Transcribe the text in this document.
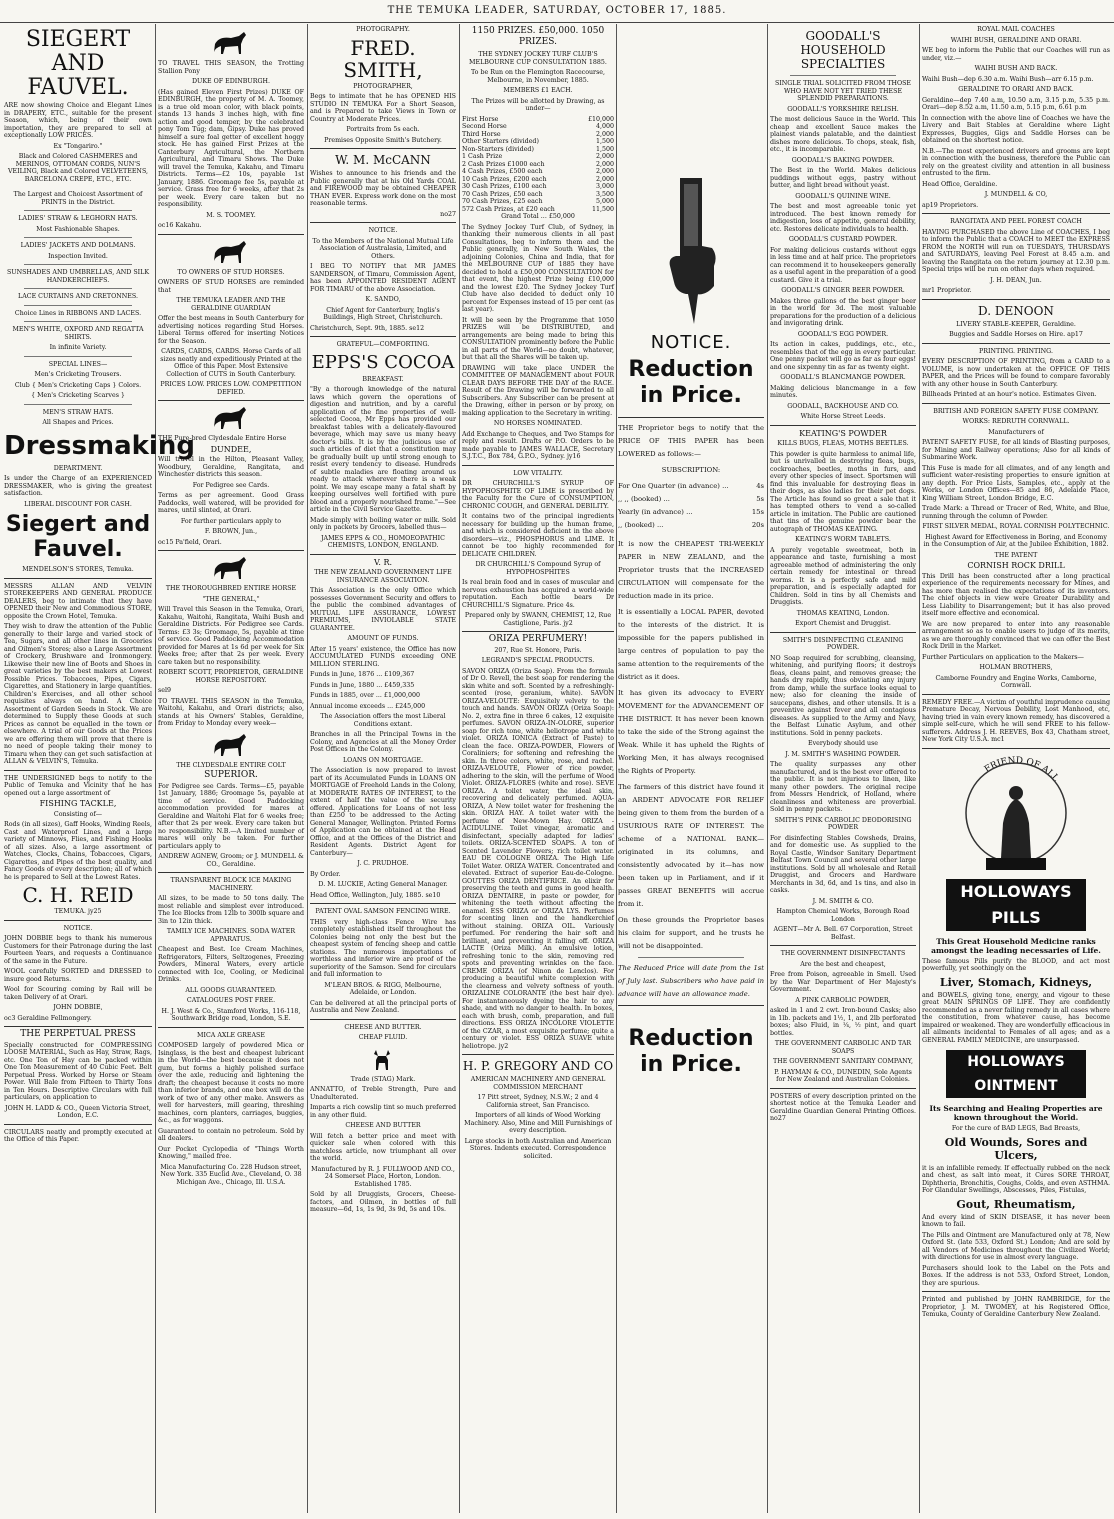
THE TEMUKA LEADER, SATURDAY, OCTOBER 17, 1885.
SIEGERT AND FAUVEL.

ARE now showing Choice and Elegant Lines in DRAPERY, ETC., suitable for the present Season, which, being of their own importation, they are prepared to sell at exceptionally LOW PRICES.

Ex "Tongariro."

Black and Colored CASHMERES and MERINOS, OTTOMAN CORDS, NUN'S VEILING, Black and Colored VELVETEENS, BARCELONA CREPE, ETC., ETC.

The Largest and Choicest Assortment of PRINTS in the District.

LADIES' STRAW & LEGHORN HATS.

Most Fashionable Shapes.

LADIES' JACKETS AND DOLMANS.

Inspection Invited.

SUNSHADES AND UMBRELLAS, AND SILK HANDKERCHIEFS.

LACE CURTAINS AND CRETONNES.

Choice Lines in RIBBONS AND LACES.

MEN'S WHITE, OXFORD AND REGATTA SHIRTS.

In infinite Variety.

SPECIAL LINES—

Men's Cricketing Trousers.

Club { Men's Cricketing Caps } Colors.

{ Men's Cricketing Scarves }

MEN'S STRAW HATS.

All Shapes and Prices.

Dressmaking

DEPARTMENT.

Is under the Charge of an EXPERIENCED DRESSMAKER, who is giving the greatest satisfaction.

LIBERAL DISCOUNT FOR CASH.

Siegert and Fauvel.

MENDELSON'S STORES, Temuka.

MESSRS ALLAN AND VELVIN STOREKEEPERS AND GENERAL PRODUCE DEALERS, beg to intimate that they have OPENED their New and Commodious STORE, opposite the Crown Hotel, Temuka.

They wish to draw the attention of the Public generally to their large and varied stock of Tea, Sugars, and all other lines in Groceries and Oilmen's Stores; also a Large Assortment of Crockery, Brushware and Ironmongery. Likewise their new line of Boots and Shoes in great varieties by the best makers at Lowest Possible Prices. Tobaccoes, Pipes, Cigars, Cigarettes, and Stationery in large quantities. Children's Exercises, and all other school requisites always on hand. A Choice Assortment of Garden Seeds in Stock. We are determined to Supply these Goods at such Prices as cannot be equalled in the town or elsewhere. A trial of our Goods at the Prices we are offering them will prove that there is no need of people taking their money to Timaru when they can get such satisfaction at ALLAN & VELVIN'S, Temuka.

THE UNDERSIGNED begs to notify to the Public of Temuka and Vicinity that he has opened out a large assortment of

FISHING TACKLE,

Consisting of—

Rods (in all sizes), Gaff Hooks, Winding Reels, Cast and Waterproof Lines, and a large variety of Minnows, Flies, and Fishing Hooks of all sizes. Also, a large assortment of Watches, Clocks, Chains, Tobaccoes, Cigars, Cigarettes, and Pipes of the best quality, and Fancy Goods of every description; all of which he is prepared to Sell at the Lowest Rates.

C. H. REID

TEMUKA. jy25

NOTICE.

JOHN DOBBIE begs to thank his numerous Customers for their Patronage during the last Fourteen Years, and requests a Continuance of the same in the Future.

WOOL carefully SORTED and DRESSED to insure good Returns.

Wool for Scouring coming by Rail will be taken Delivery of at Orari.

JOHN DOBBIE,

oc3 Geraldine Fellmongery.

THE PERPETUAL PRESS

Specially constructed for COMPRESSING LOOSE MATERIAL, Such as Hay, Straw, Rags, etc. One Ton of Hay can be packed within One Ton Measurement of 40 Cubic Feet. Belt Perpetual Press. Worked by Horse or Steam Power. Will Bale from Fifteen to Thirty Tons in Ten Hours. Descriptive Circulars with full particulars, on application to

JOHN H. LADD & CO., Queen Victoria Street, London, E.C.

CIRCULARS neatly and promptly executed at the Office of this Paper.

TO TRAVEL THIS SEASON, the Trotting Stallion Pony

DUKE OF EDINBURGH.

(Has gained Eleven First Prizes) DUKE OF EDINBURGH, the property of M. A. Toomey, is a true old moan color, with black points, stands 13 hands 3 inches high, with fine action and good temper, by the celebrated pony Tom Tug; dam, Gipsy. Duke has proved himself a sure foal getter of excellent hoggy stock. He has gained First Prizes at the Canterbury Agricultural, the Northern Agricultural, and Timaru Shows. The Duke will travel the Temuka, Kakahu, and Timaru Districts. Terms—£2 10s, payable 1st January, 1886. Groomage fee 5s, payable at service. Grass free for 6 weeks, after that 2s per week. Every care taken but no responsibility.

M. S. TOOMEY.

oc16 Kakahu.

TO OWNERS OF STUD HORSES.

OWNERS OF STUD HORSES are reminded that

THE TEMUKA LEADER AND THE GERALDINE GUARDIAN

Offer the best means in South Canterbury for advertising notices regarding Stud Horses. Liberal Terms offered for inserting Notices for the Season.

CARDS, CARDS, CARDS. Horse Cards of all sizes neatly and expeditiously Printed at the Office of this Paper. Most Extensive Collection of CUTS in South Canterbury.

PRICES LOW. PRICES LOW. COMPETITION DEFIED.

THE Pure-bred Clydesdale Entire Horse

DUNDEE,

Will travel in the Hilton, Pleasant Valley, Woodbury, Geraldine, Rangitata, and Winchester districts this season.

For Pedigree see Cards.

Terms as per agreement. Good Grass Paddocks, well watered, will be provided for mares, until slinted, at Orari.

For further particulars apply to

F. BROWN, Jun.,

oc15 Pa'field, Orari.

THE THOROUGHBRED ENTIRE HORSE

"THE GENERAL,"

Will Travel this Season in the Temuka, Orari, Kakahu, Waitohi, Rangitata, Waihi Bush and Geraldine Districts. For Pedigree see Cards. Terms: £3 3s; Groomage, 5s, payable at time of service. Good Paddocking Accommodation provided for Mares at 1s 6d per week for Six Weeks free; after that 2s per week. Every care taken but no responsibility.

ROBERT SCOTT, PROPRIETOR, GERALDINE HORSE REPOSITORY.

sel9

TO TRAVEL THIS SEASON in the Temuka, Waitohi, Kakahu, and Orari districts; also, stands at his Owners' Stables, Geraldine, from Friday to Monday every week—

THE CLYDESDALE ENTIRE COLT

SUPERIOR.

For Pedigree see Cards. Terms—£5, payable 1st January, 1886; Groomage 5s, payable at time of service. Good Paddocking accommodation provided for mares at Geraldine and Waitohi Flat for 6 weeks free; after that 2s per week. Every care taken but no responsibility. N.B.—A limited number of mares will only be taken. For further particulars apply to

ANDREW AGNEW, Groom; or J. MUNDELL & CO., Geraldine.

TRANSPARENT BLOCK ICE MAKING MACHINERY.

All sizes, to be made to 50 tons daily. The most reliable and simplest ever introduced. The Ice Blocks from 12lb to 300lb square and 3in to 12in thick.

TAMILY ICE MACHINES. SODA WATER APPARATUS.

Cheapest and Best. Ice Cream Machines, Refrigerators, Filters, Seltzogenes, Freezing Powders, Mineral Waters, every article connected with Ice, Cooling, or Medicinal Drinks.

ALL GOODS GUARANTEED.

CATALOGUES POST FREE.

H. J. West & Co., Stamford Works, 116-118, Southwark Bridge road, London, S.E.

MICA AXLE GREASE

COMPOSED largely of powdered Mica or Isinglass, is the best and cheapest lubricant in the World—the best because it does not gum, but forms a highly polished surface over the axle, reducing and lightening the draft; the cheapest because it costs no more than inferior brands, and one box will do the work of two of any other make. Answers as well for harvesters, mill gearing, threshing machines, corn planters, carriages, buggies, &c., as for waggons.

Guaranteed to contain no petroleum. Sold by all dealers.

Our Pocket Cyclopedia of "Things Worth Knowing," mailed free.

Mica Manufacturing Co. 228 Hudson street, New York. 335 Euclid Ave., Cleveland, O. 38 Michigan Ave., Chicago, Ill. U.S.A.

PHOTOGRAPHY.

FRED. SMITH,

PHOTOGRAPHER,

Begs to intimate that he has OPENED HIS STUDIO IN TEMUKA For a Short Season, and is Prepared to take Views in Town or Country at Moderate Prices.

Portraits from 5s each.

Premises Opposite Smith's Butchery.

W. M. McCANN

Wishes to announce to his friends and the Public generally that at his Old Yards COAL and FIREWOOD may be obtained CHEAPER THAN EVER. Express work done on the most reasonable terms.

no27

NOTICE.

To the Members of the National Mutual Life Association of Australasia, Limited, and Others.

I BEG TO NOTIFY that MR JAMES SANDERSON, of Timaru, Commission Agent, has been APPOINTED RESIDENT AGENT FOR TIMARU of the above Association.

K. SANDO,

Chief Agent for Canterbury, Inglis's Buildings, High Street, Christchurch.

Christchurch, Sept. 9th, 1885. se12

GRATEFUL—COMFORTING.

EPPS'S COCOA

BREAKFAST.

"By a thorough knowledge of the natural laws which govern the operations of digestion and nutrition, and by a careful application of the fine properties of well-selected Cocoa, Mr Epps has provided our breakfast tables with a delicately-flavoured beverage, which may save us many heavy doctor's bills. It is by the judicious use of such articles of diet that a constitution may be gradually built up until strong enough to resist every tendency to disease. Hundreds of subtle maladies are floating around us ready to attack wherever there is a weak point. We may escape many a fatal shaft by keeping ourselves well fortified with pure blood and a properly nourished frame."—See article in the Civil Service Gazette.

Made simply with boiling water or milk. Sold only in packets by Grocers, labelled thus—

JAMES EPPS & CO., HOMOEOPATHIC CHEMISTS, LONDON, ENGLAND.

V. R.

THE NEW ZEALAND GOVERNMENT LIFE INSURANCE ASSOCIATION.

This Association is the only Office which possesses Government Security and offers to the public the combined advantages of MUTUAL LIFE ASSURANCE, LOWEST PREMIUMS, INVIOLABLE STATE GUARANTEE.

AMOUNT OF FUNDS.

After 15 years' existence, the Office has now ACCUMULATED FUNDS exceeding ONE MILLION STERLING.

Funds in June, 1876 ... £109,367

Funds in June, 1880 ... £459,335

Funds in 1885, over ... £1,000,000

Annual income exceeds ... £245,000

The Association offers the most Liberal Conditions extant.

Branches in all the Principal Towns in the Colony, and Agencies at all the Money Order Post Offices in the Colony.

LOANS ON MORTGAGE.

The Association is now prepared to invest part of its Accumulated Funds in LOANS ON MORTGAGE of Freehold Lands in the Colony, at MODERATE RATES OF INTEREST, to the extent of half the value of the security offered. Applications for Loans of not less than £250 to be addressed to the Acting General Manager, Wellington. Printed Forms of Application can be obtained at the Head Office, and at the Offices of the District and Resident Agents. District Agent for Canterbury—

J. C. PRUDHOE.

By Order.

D. M. LUCKIE, Acting General Manager.

Head Office, Wellington, July, 1885. se10

PATENT OVAL SAMSON FENCING WIRE.

THIS very high-class Fence Wire has completely established itself throughout the Colonies being not only the best but the cheapest system of fencing sheep and cattle stations. The numerous importations of worthless and inferior wire are proof of the superiority of the Samson. Send for circulars and full information to

M'LEAN BROS. & RIGG, Melbourne, Adelaide, or London.

Can be delivered at all the principal ports of Australia and New Zealand.

CHEESE AND BUTTER.

CHEAP FLUID.

Trade (STAG) Mark.

ANNATTO, of Treble Strength, Pure and Unadulterated.

Imparts a rich cowslip tint so much preferred in any other fluid.

CHEESE AND BUTTER

Will fetch a better price and meet with quicker sale when colored with this matchless article, now triumphant all over the world.

Manufactured by R. J. FULLWOOD AND CO., 24 Somerset Place, Horton, London. Established 1785.

Sold by all Druggists, Grocers, Cheese-factors, and Oilmen, in bottles of full measure—6d, 1s, 1s 9d, 3s 9d, 5s and 10s.

1150 PRIZES. £50,000. 1050 PRIZES.

THE SYDNEY JOCKEY TURF CLUB'S MELBOURNE CUP CONSULTATION 1885.

To be Run on the Flemington Racecourse, Melbourne, in November, 1885.

MEMBERS £1 EACH.

The Prizes will be allotted by Drawing, as under—

First Horse	£10,000
Second Horse	4,000
Third Horse	2,000
Other Starters (divided)	1,500
Non-Starters (divided)	1,500
1 Cash Prize	2,000
2 Cash Prizes £1000 each	2,000
4 Cash Prizes, £500 each	2,000
10 Cash Prizes, £200 each	2,000
30 Cash Prizes, £100 each	3,000
70 Cash Prizes, £50 each	3,500
70 Cash Prizes, £25 each	5,000
572 Cash Prizes, at £20 each	11,500

Grand Total ... £50,000

The Sydney Jockey Turf Club, of Sydney, in thanking their numerous clients in all past Consultations, beg to inform them and the Public generally, in New South Wales, the adjoining Colonies, China and India, that for the MELBOURNE CUP of 1885 they have decided to hold a £50,000 CONSULTATION for that event, the highest Prize being £10,000 and the lowest £20. The Sydney Jockey Turf Club have also decided to deduct only 10 percent for Expenses instead of 15 per cent (as last year).

It will be seen by the Programme that 1050 PRIZES will be DISTRIBUTED, and arrangements are being made to bring this CONSULTATION prominently before the Public in all parts of the World—no doubt, whatever, but that all the Shares will be taken up.

DRAWING will take place UNDER the COMMITTEE OF MANAGEMENT about FOUR CLEAR DAYS BEFORE THE DAY of the RACE. Result of the Drawing will be forwarded to all Subscribers. Any Subscriber can be present at the Drawing, either in person or by proxy, on making application to the Secretary in writing.

NO HORSES NOMINATED.

Add Exchange to Cheques, and Two Stamps for reply and result. Drafts or P.O. Orders to be made payable to JAMES WALLACE, Secretary S.J.T.C., Box 784, G.P.O., Sydney. jy16

LOW VITALITY.

DR CHURCHILL'S SYRUP OF HYPOPHOSPHITE OF LIME is prescribed by the Faculty for the Cure of CONSUMPTION, CHRONIC COUGH, and GENERAL DEBILITY.

It contains two of the principal ingredients necessary for building up the human frame, and which is considered deficient in the above disorders—viz., PHOSPHORUS and LIME. It cannot be too highly recommended for DELICATE CHILDREN.

DR CHURCHILL'S Compound Syrup of HYPOPHOSPHITES

Is real brain food and in cases of muscular and nervous exhaustion has acquired a world-wide reputation. Each bottle bears Dr CHURCHILL'S Signature. Price 4s.

Prepared only by SWANN, CHEMIST, 12, Rue Castiglione, Paris. jy2

ORIZA PERFUMERY!

207, Rue St. Honore, Paris.

LEGRAND'S SPECIAL PRODUCTS.

SAVON ORIZA (Oriza Soap). From the formula of Dr O. Revell, the best soap for rendering the skin white and soft. Scented by a refreshingly-scented (rose, geranium, white). SAVON ORIZA-VELOUTE: Exquisitely velvety to the touch and hands. SAVON ORIZA (Oriza Soap): No. 2, extra fine in three 6 cakes, 12 exquisite perfumes. SAVON ORIZA-IN-OLORE, superior soap for rich tone, white heliotrope and white violet. ORIZA IONICA (Extract of Paste) to clean the face. ORIZA-POWDER, Flowers of Coraliniers; for softening and refreshing the skin. In three colors, white, rose, and rachel. ORIZA-VELOUTE, Flower of rice powder, adhering to the skin, will the perfume of Wood Violet. ORIZA-FLORES (white and rose). SEVE ORIZA. A toilet water, the ideal skin, recovering and delicately perfumed. AQUA-ORIZA, A New toilet water for freshening the skin. ORIZA HAY. A toilet water with the perfume of New-Mown Hay. ORIZA - ACIDULINE. Toilet vinegar, aromatic and disinfectant, specially adapted for ladies' toilets. ORIZA-SCENTED SOAPS. A ton of Scented Lavender Flowers; rich toilet water. EAU DE COLOGNE ORIZA. The High Life Toilet Water. ORIZA WATER. Concentrated and elevated. Extract of superior Eau-de-Cologne. GOUTTES ORIZA DENTIFRICE. An elixir for preserving the teeth and gums in good health. ORIZA DENTAIRE, in paste or powder, for whitening the teeth without affecting the enamel. ESS ORIZA or ORIZA LYS. Perfumes for scenting linen and the handkerchief without staining. ORIZA OIL. Variously perfumed. For rendering the hair soft and brilliant, and preventing it falling off. ORIZA LACTE (Oriza Milk). An emulsive lotion, refreshing tonic to the skin, removing red spots and preventing wrinkles on the face. CREME ORIZA (of Ninon de Lenclos). For producing a beautiful white complexion with the clearness and velvety softness of youth. ORIZALINE COLORANTE (the best hair dye). For instantaneously dyeing the hair to any shade, and with no danger to health. In boxes, each with brush, comb, preparation, and full directions. ESS ORIZA INCOLORE VIOLETTE of the CZAR, a most exquisite perfume; quite a century or violet. ESS ORIZA SUAVE white heliotrope. jy2

H. P. GREGORY AND CO

AMERICAN MACHINERY AND GENERAL COMMISSION MERCHANT

17 Pitt street, Sydney, N.S.W.; 2 and 4 California street, San Francisco.

Importers of all kinds of Wood Working Machinery. Also, Mine and Mill Furnishings of every description.

Large stocks in both Australian and American Stores. Indents executed. Correspondence solicited.

NOTICE.

Reduction in Price.

THE Proprietor begs to notify that the PRICE OF THIS PAPER has been LOWERED as follows:—

SUBSCRIPTION:

For One Quarter (in advance) ...	4s
,, ,, (booked) ...	5s
Yearly (in advance) ...	15s
,, (booked) ...	20s

It is now the CHEAPEST TRI-WEEKLY PAPER in NEW ZEALAND, and the Proprietor trusts that the INCREASED CIRCULATION will compensate for the reduction made in its price.

It is essentially a LOCAL PAPER, devoted to the interests of the district. It is impossible for the papers published in large centres of population to pay the same attention to the requirements of the district as it does.

It has given its advocacy to EVERY MOVEMENT for the ADVANCEMENT OF THE DISTRICT. It has never been known to take the side of the Strong against the Weak. While it has upheld the Rights of Working Men, it has always recognised the Rights of Property.

The farmers of this district have found it an ARDENT ADVOCATE FOR RELIEF being given to them from the burden of a USURIOUS RATE OF INTEREST. The scheme of a NATIONAL BANK—originated in its columns, and consistently advocated by it—has now been taken up in Parliament, and if it passes GREAT BENEFITS will accrue from it.

On these grounds the Proprietor bases his claim for support, and he trusts he will not be disappointed.

The Reduced Price will date from the 1st of July last. Subscribers who have paid in advance will have an allowance made.

Reduction in Price.
GOODALL'S HOUSEHOLD SPECIALTIES

SINGLE TRIAL SOLICITED FROM THOSE WHO HAVE NOT YET TRIED THESE SPLENDID PREPARATIONS.

GOODALL'S YORKSHIRE RELISH.

The most delicious Sauce in the World. This cheap and excellent Sauce makes the plainest viands palatable, and the daintiest dishes more delicious. To chops, steak, fish, etc., it is incomparable.

GOODALL'S BAKING POWDER.

The Best in the World. Makes delicious puddings without eggs, pastry without butter, and light bread without yeast.

GOODALL'S QUININE WINE.

The best and most agreeable tonic yet introduced. The best known remedy for indigestion, loss of appetite, general debility, etc. Restores delicate individuals to health.

GOODALL'S CUSTARD POWDER.

For making delicious custards without eggs in less time and at half price. The proprietors can recommend it to housekeepers generally as a useful agent in the preparation of a good custard. Give it a trial.

GOODALL'S GINGER BEER POWDER.

Makes three gallons of the best ginger beer in the world for 3d. The most valuable preparations for the production of a delicious and invigorating drink.

GOODALL'S EGG POWDER.

Its action in cakes, puddings, etc., etc., resembles that of the egg in every particular. One penny packet will go as far as four eggs! and one sixpenny tin as far as twenty eight.

GOODALL'S BLANCMANGE POWDER.

Making delicious blancmange in a few minutes.

GOODALL, BACKHOUSE AND CO.

White Horse Street Leeds.

KEATING'S POWDER

KILLS BUGS, FLEAS, MOTHS BEETLES.

This powder is quite harmless to animal life, but is unrivalled in destroying fleas, bugs, cockroaches, beetles, moths in furs, and every other species of insect. Sportsmen will find this invaluable for destroying fleas in their dogs, as also ladies for their pet dogs. The Article has found so great a sale that it has tempted others to vend a so-called article in imitation. The Public are cautioned that tins of the genuine powder bear the autograph of THOMAS KEATING.

KEATING'S WORM TABLETS.

A purely vegetable sweetmeat, both in appearance and taste, furnishing a most agreeable method of administering the only certain remedy for intestinal or thread worms. It is a perfectly safe and mild preparation, and is especially adapted for Children. Sold in tins by all Chemists and Druggists.

THOMAS KEATING, London.

Export Chemist and Druggist.

SMITH'S DISINFECTING CLEANING POWDER.

NO Soap required for scrubbing, cleansing, whitening, and purifying floors; it destroys fleas, cleans paint, and removes grease; the hands dry rapidly, thus obviating any injury from damp, while the surface looks equal to new; also for cleaning the inside of saucepans, dishes, and other utensils. It is a preventive against fever and all contagious diseases. As supplied to the Army and Navy, the Belfast Lunatic Asylum, and other institutions. Sold in penny packets.

Everybody should use

J. M. SMITH'S WASHING POWDER.

The quality surpasses any other manufactured, and is the best ever offered to the public. It is not injurious to linen, like many other powders. The original recipe from Messrs Hendrick, of Holland, where cleanliness and whiteness are proverbial. Sold in penny packets.

SMITH'S PINK CARBOLIC DEODORISING POWDER

For disinfecting Stables Cowsheds, Drains, and for domestic use. As supplied to the Royal Castle, Windsor Sanitary Department Belfast Town Council and several other large institutions. Sold by all wholesale and Retail Druggist, and Grocers and Hardware Merchants in 3d, 6d, and 1s tins, and also in casks.

J. M. SMITH & CO.

Hampton Chemical Works, Borough Road London

AGENT—Mr A. Bell. 67 Corporation, Street Belfast.

THE GOVERNMENT DISINFECTANTS

Are the best and cheapest,

Free from Poison, agreeable in Smell. Used by the War Department of Her Majesty's Government.

A PINK CARBOLIC POWDER,

asked in 1 and 2 cwt. Iron-bound Casks; also in 1lb. packets and 1½, 1, and 2lb perforated boxes; also Fluid, in ¼, ½ pint, and quart bottles.

THE GOVERNMENT CARBOLIC AND TAR SOAPS

THE GOVERNMENT SANITARY COMPANY,

P. HAYMAN & CO., DUNEDIN, Sole Agents for New Zealand and Australian Colonies.

POSTERS of every description printed on the shortest notice at the Temuka Leader and Geraldine Guardian General Printing Offices. no27

ROYAL MAIL COACHES

WAIHI BUSH, GERALDINE AND ORARI.

WE beg to inform the Public that our Coaches will run as under, viz.—

WAIHI BUSH AND BACK.

Waihi Bush—dep 6.30 a.m. Waihi Bush—arr 6.15 p.m.

GERALDINE TO ORARI AND BACK.

Geraldine—dep 7.40 a.m, 10.50 a.m, 3.15 p.m, 5.35 p.m. Orari—dep 8.52 a.m, 11.50 a.m, 5.15 p.m, 6.61 p.m

In connection with the above line of Coaches we have the Livery and Bait Stables at Geraldine where Light Expresses, Buggies, Gigs and Saddle Horses can be obtained on the shortest notice.

N.B.—The most experienced drivers and grooms are kept in connection with the business, therefore the Public can rely on the greatest civility and attention in all business entrusted to the firm.

Head Office, Geraldine.

J. MUNDELL & CO,

ap19 Proprietors.

RANGITATA AND PEEL FOREST COACH

HAVING PURCHASED the above Line of COACHES, I beg to inform the Public that a COACH to MEET the EXPRESS FROM the NORTH will run on TUESDAYS, THURSDAYS and SATURDAYS, leaving Peel Forest at 8.45 a.m. and leaving the Rangitata on the return journey at 12.30 p.m. Special trips will be run on other days when required.

J. H. DEAN, Jun.

mr1 Proprietor.

D. DENOON

LIVERY STABLE-KEEPER, Geraldine.

Buggies and Saddle Horses on Hire. ap17

PRINTING. PRINTING.

EVERY DESCRIPTION OF PRINTING, from a CARD to a VOLUME, is now undertaken at the OFFICE OF THIS PAPER, and the Prices will be found to compare favorably with any other house in South Canterbury.

Billheads Printed at an hour's notice. Estimates Given.

BRITISH AND FOREIGN SAFETY FUSE COMPANY.

WORKS: REDRUTH CORNWALL.

Manufacturers of

PATENT SAFETY FUSE, for all kinds of Blasting purposes, for Mining and Railway operations; Also for all kinds of Submarine Work.

This Fuse is made for all climates, and of any length and sufficient water-resisting properties to ensure ignition at any depth. For Price Lists, Samples, etc., apply at the Works, or London Offices—85 and 86, Adelaide Place, King William Street, London Bridge, E.C.

Trade Mark: a Thread or Tracer of Red, White, and Blue, running through the column of Powder.

FIRST SILVER MEDAL, ROYAL CORNISH POLYTECHNIC.

Highest Award for Effectiveness in Boring, and Economy in the Consumption of Air, at the Jubilee Exhibition, 1882.

THE PATENT

CORNISH ROCK DRILL

This Drill has been constructed after a long practical experience of the requirements necessary for Mines, and has more than realised the expectations of its inventors. The chief objects in view were Greater Durability and Less Liability to Disarrangement; but it has also proved itself more effective and economical.

We are now prepared to enter into any reasonable arrangement so as to enable users to judge of its merits, as we are thoroughly convinced that we can offer the Best Rock Drill in the Market.

Further Particulars on application to the Makers—

HOLMAN BROTHERS,

Camborne Foundry and Engine Works, Camborne, Cornwall.

REMEDY FREE.—A victim of youthful imprudence causing Premature Decay, Nervous Debility, Lost Manhood, etc, having tried in vain every known remedy, has discovered a simple self-cure, which he will send FREE to his fellow-sufferers. Address J. H. REEVES, Box 43, Chatham street, New York City U.S.A. mc1

FRIEND OF ALL
HOLLOWAYS PILLS

This Great Household Medicine ranks amongst the leading necessaries of Life.

These famous Pills purify the BLOOD, and act most powerfully, yet soothingly on the

Liver, Stomach, Kidneys,

and BOWELS, giving tone, energy, and vigour to these great MAIN SPRINGS OF LIFE. They are confidently recommended as a never failing remedy in all cases where the constitution, from whatever cause, has become impaired or weakened. They are wonderfully efficacious in all ailments incidental to Females of all ages; and as a GENERAL FAMILY MEDICINE, are unsurpassed.

HOLLOWAYS OINTMENT

Its Searching and Healing Properties are known throughout the World.

For the cure of BAD LEGS, Bad Breasts,

Old Wounds, Sores and Ulcers,

it is an infallible remedy. If effectually rubbed on the neck and chest, as salt into meat, it Cures SORE THROAT, Diphtheria, Bronchitis, Coughs, Colds, and even ASTHMA. For Glandular Swellings, Abscesses, Piles, Fistulas,

Gout, Rheumatism,

And every kind of SKIN DISEASE, it has never been known to fail.

The Pills and Ointment are Manufactured only at 78, New Oxford St. (late 533, Oxford St.) London; And are sold by all Vendors of Medicines throughout the Civilized World; with directions for use in almost every language.

Purchasers should look to the Label on the Pots and Boxes. If the address is not 533, Oxford Street, London, they are spurious.

Printed and published by JOHN RAMBRIDGE, for the Proprietor, J. M. TWOMEY, at his Registered Office, Temuka, County of Geraldine Canterbury New Zealand.
